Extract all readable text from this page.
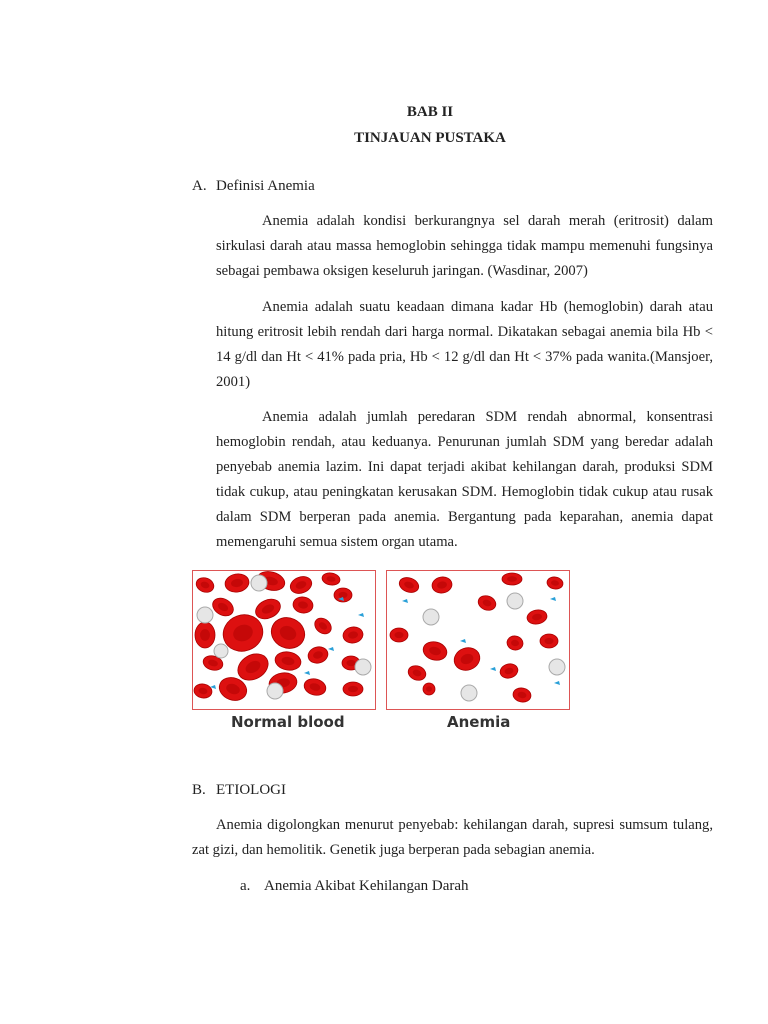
BAB II
TINJAUAN PUSTAKA
A. Definisi Anemia

Anemia adalah kondisi berkurangnya sel darah merah (eritrosit) dalam sirkulasi darah atau massa hemoglobin sehingga tidak mampu memenuhi fungsinya sebagai pembawa oksigen keseluruh jaringan. (Wasdinar, 2007)

Anemia adalah suatu keadaan dimana kadar Hb (hemoglobin) darah atau hitung eritrosit lebih rendah dari harga normal. Dikatakan sebagai anemia bila Hb < 14 g/dl dan Ht < 41% pada pria, Hb < 12 g/dl dan Ht < 37% pada wanita.(Mansjoer, 2001)

Anemia adalah jumlah peredaran SDM rendah abnormal, konsentrasi hemoglobin rendah, atau keduanya. Penurunan jumlah SDM yang beredar adalah penyebab anemia lazim. Ini dapat terjadi akibat kehilangan darah, produksi SDM tidak cukup, atau peningkatan kerusakan SDM. Hemoglobin tidak cukup atau rusak dalam SDM berperan pada anemia. Bergantung pada keparahan, anemia dapat memengaruhi semua sistem organ utama.

Normal blood	Anemia
B. ETIOLOGI

Anemia digolongkan menurut penyebab: kehilangan darah, supresi sumsum tulang, zat gizi, dan hemolitik. Genetik juga berperan pada sebagian anemia.

a. Anemia Akibat Kehilangan Darah
